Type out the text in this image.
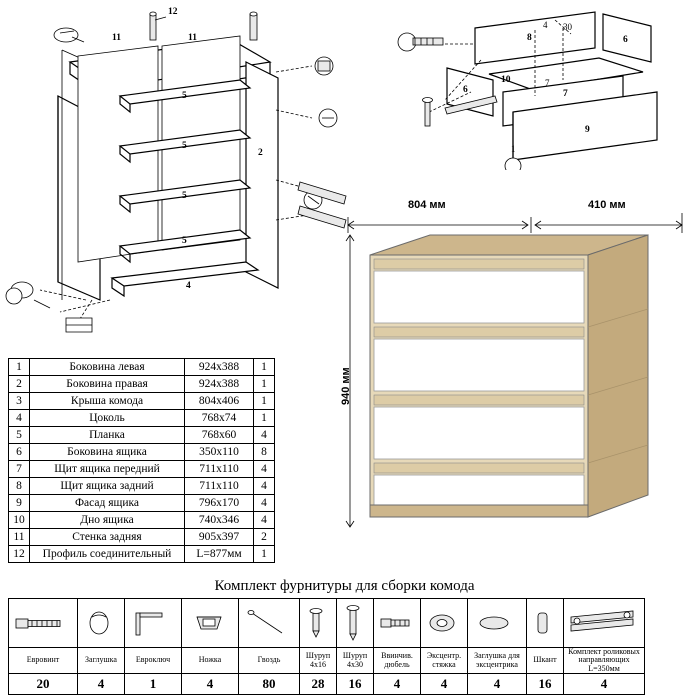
11	11
12
2
5
5
5
5
4
8	6
6
10
7
9
4 30
7
1
1	Боковина левая	924x388	1
2	Боковина правая	924x388	1
3	Крыша комода	804x406	1
4	Цоколь	768x74	1
5	Планка	768x60	4
6	Боковина ящика	350x110	8
7	Щит ящика передний	711x110	4
8	Щит ящика задний	711x110	4
9	Фасад ящика	796x170	4
10	Дно ящика	740x346	4
11	Стенка задняя	905x397	2
12	Профиль соединительный	L=877мм	1
804 мм	410 мм
940 мм
Комплект фурнитуры для сборки комода

Еврoвинт	Заглушка	Еврoключ	Ножка	Гвоздь	Шуруп 4x16	Шуруп 4x30	Ввинчив. дюбель	Эксцентр. стяжка	Заглушка для эксцентрика	Шкант	Комплект роликовых направляющих L=350мм
20	4	1	4	80	28	16	4	4	4	16	4
